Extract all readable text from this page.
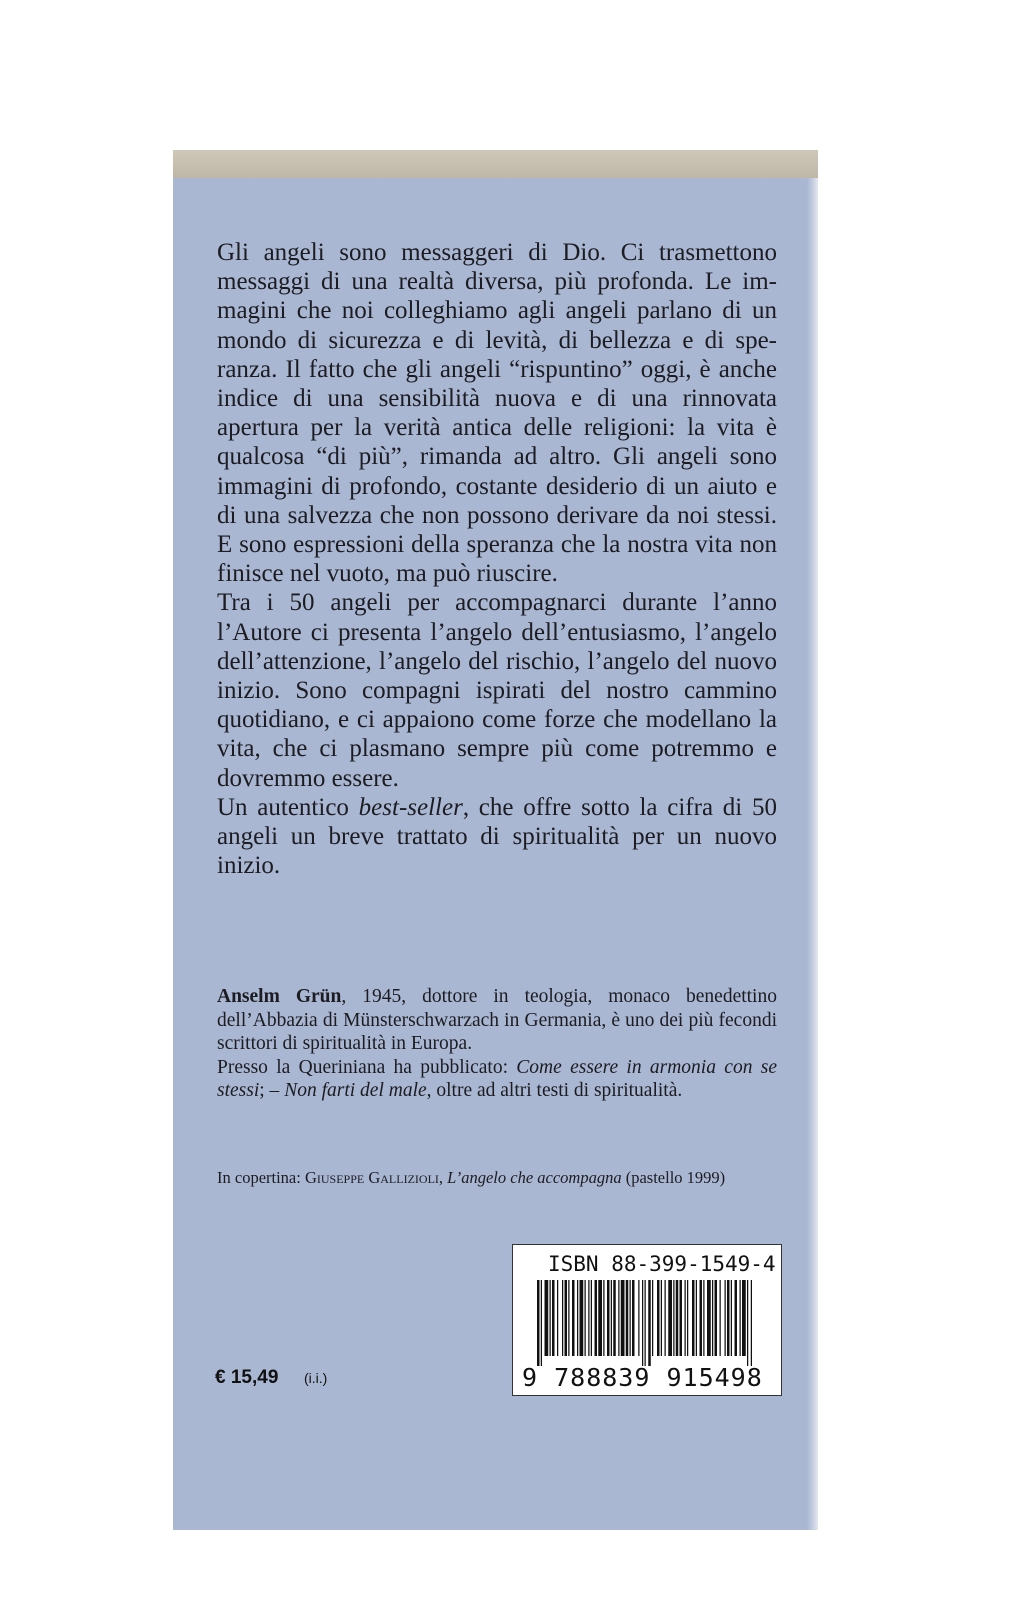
Gli angeli sono messaggeri di Dio. Ci trasmettono messaggi di una realtà diversa, più profonda. Le immagini che noi colleghiamo agli angeli parlano di un mondo di sicurezza e di levità, di bellezza e di speranza. Il fatto che gli angeli “rispuntino” oggi, è anche indice di una sensibilità nuova e di una rinnovata apertura per la verità antica delle religioni: la vita è qualcosa “di più”, rimanda ad altro. Gli angeli sono immagini di profondo, costante desiderio di un aiuto e di una salvezza che non possono derivare da noi stessi. E sono espressioni della speranza che la nostra vita non finisce nel vuoto, ma può riuscire.

Tra i 50 angeli per accompagnarci durante l’anno l’Autore ci presenta l’angelo dell’entusiasmo, l’angelo dell’attenzione, l’angelo del rischio, l’angelo del nuovo inizio. Sono compagni ispirati del nostro cammino quotidiano, e ci appaiono come forze che modellano la vita, che ci plasmano sempre più come potremmo e dovremmo essere.

Un autentico best-seller, che offre sotto la cifra di 50 angeli un breve trattato di spiritualità per un nuovo inizio.

Anselm Grün, 1945, dottore in teologia, monaco benedettino dell’Abbazia di Münsterschwarzach in Germania, è uno dei più fecondi scrittori di spiritualità in Europa.

Presso la Queriniana ha pubblicato: Come essere in armonia con se stessi; – Non farti del male, oltre ad altri testi di spiritualità.

In copertina: Giuseppe Gallizioli, L’angelo che accompagna (pastello 1999)
ISBN 88-399-1549-4
9 788839 915498
€ 15,49 (i.i.)
